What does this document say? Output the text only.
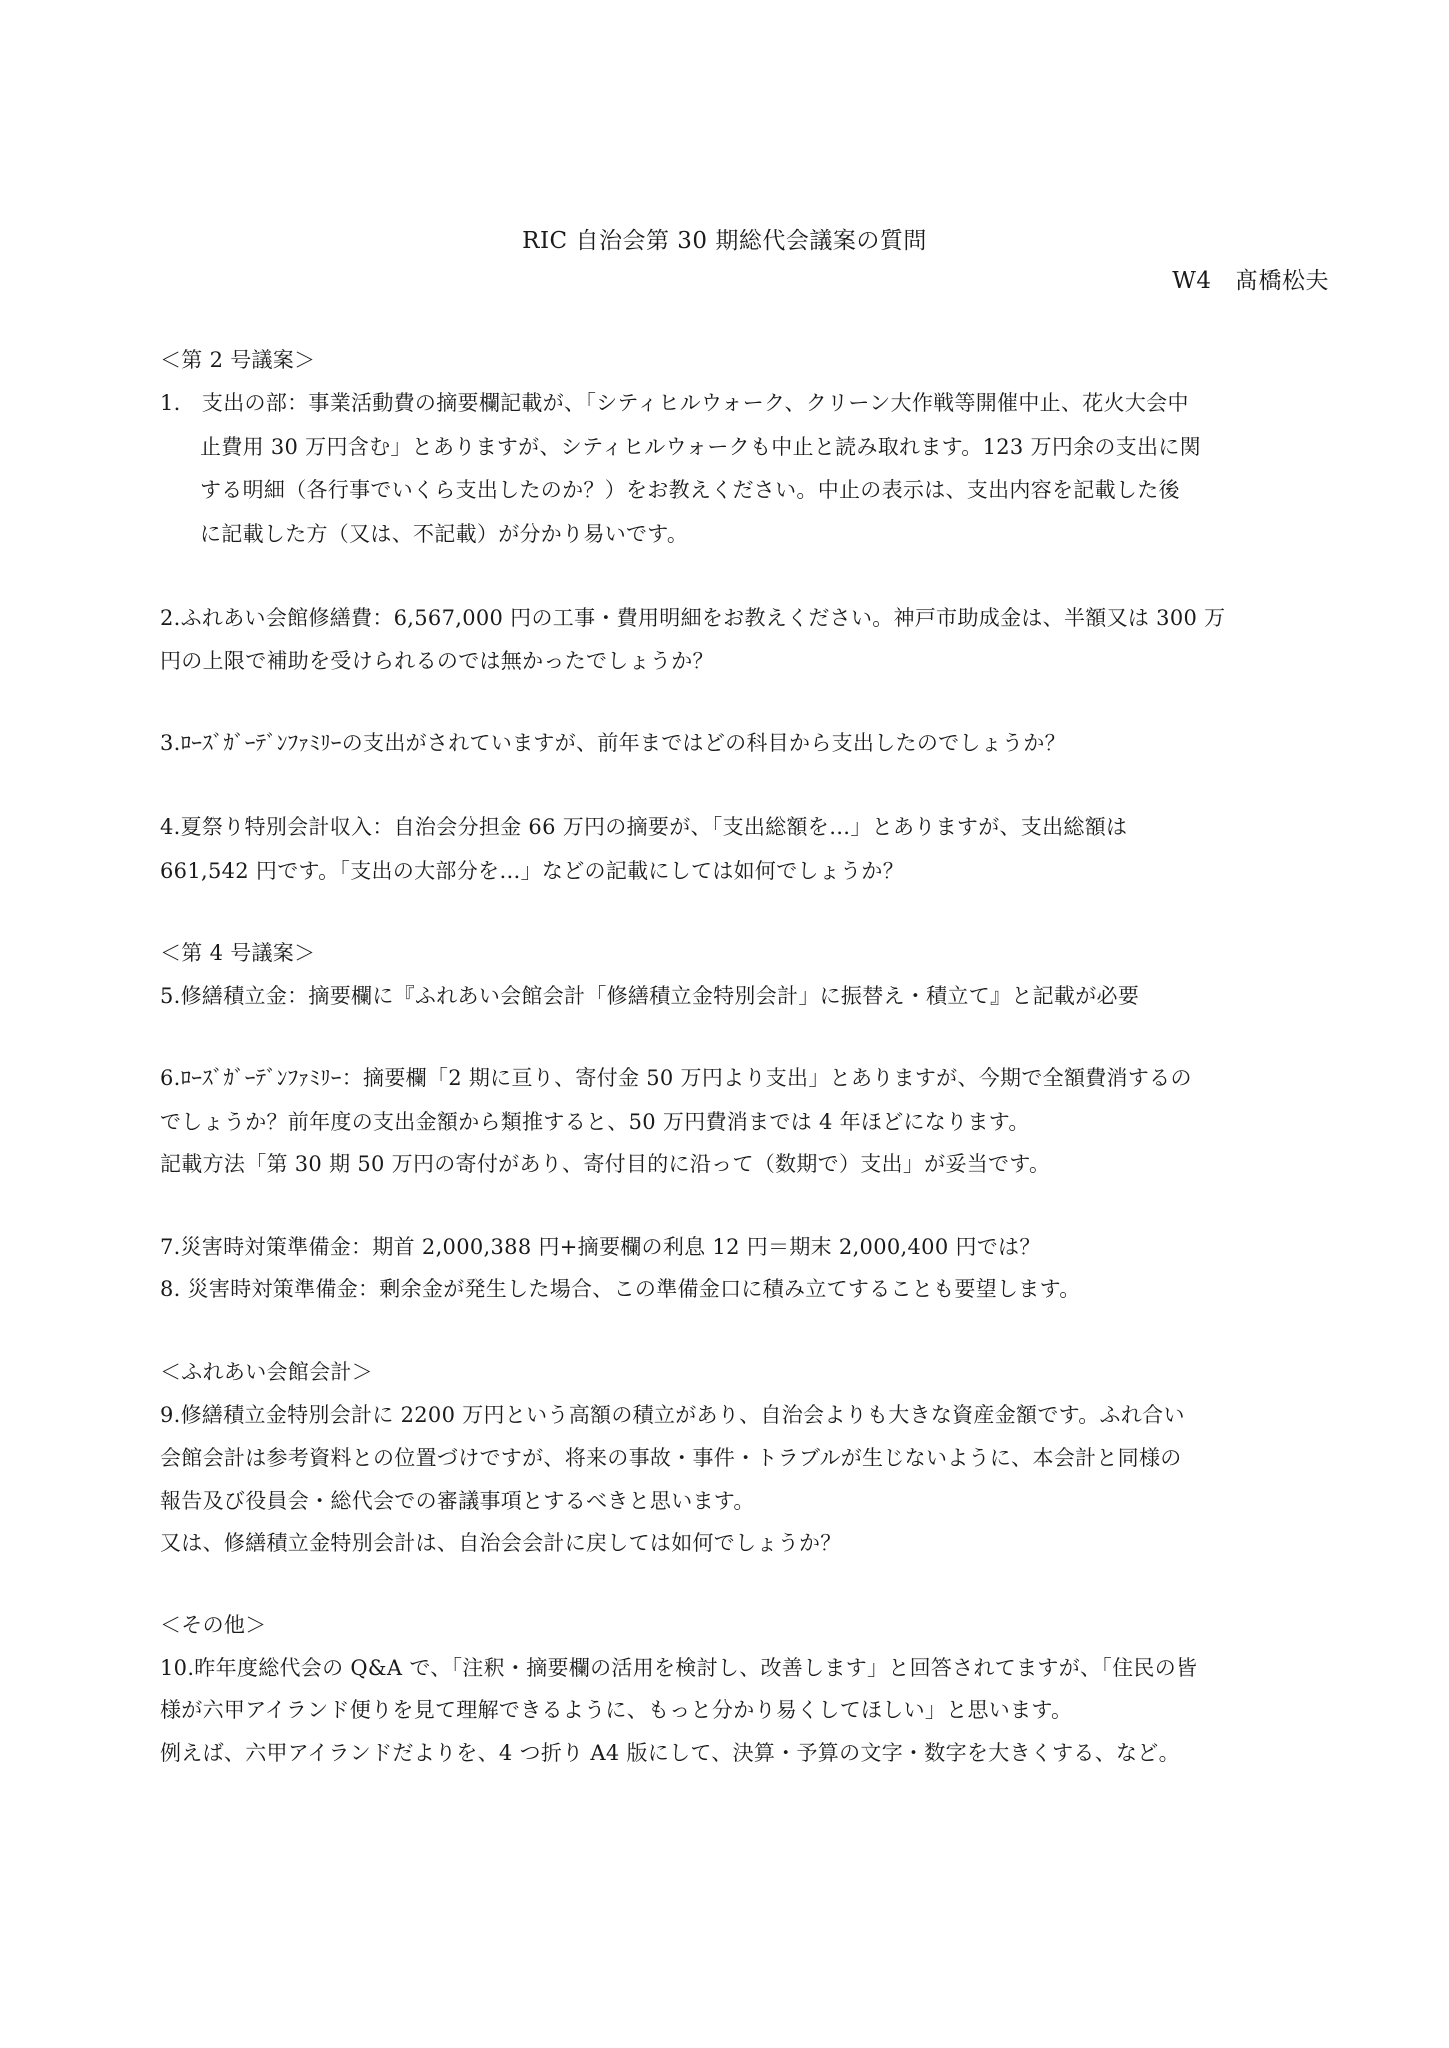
RIC 自治会第 30 期総代会議案の質問
W4　髙橋松夫
＜第 2 号議案＞
1.　支出の部：事業活動費の摘要欄記載が、「シティヒルウォーク、クリーン大作戦等開催中止、花火大会中
止費用 30 万円含む」とありますが、シティヒルウォークも中止と読み取れます。123 万円余の支出に関
する明細（各行事でいくら支出したのか？）をお教えください。中止の表示は、支出内容を記載した後
に記載した方（又は、不記載）が分かり易いです。
2.ふれあい会館修繕費：6,567,000 円の工事・費用明細をお教えください。神戸市助成金は、半額又は 300 万
円の上限で補助を受けられるのでは無かったでしょうか？
3.ﾛｰｽﾞｶﾞｰﾃﾞﾝﾌｧﾐﾘｰの支出がされていますが、前年まではどの科目から支出したのでしょうか？
4.夏祭り特別会計収入：自治会分担金 66 万円の摘要が、「支出総額を…」とありますが、支出総額は
661,542 円です。「支出の大部分を…」などの記載にしては如何でしょうか？
＜第 4 号議案＞
5.修繕積立金：摘要欄に『ふれあい会館会計「修繕積立金特別会計」に振替え・積立て』と記載が必要
6.ﾛｰｽﾞｶﾞｰﾃﾞﾝﾌｧﾐﾘｰ：摘要欄「2 期に亘り、寄付金 50 万円より支出」とありますが、今期で全額費消するの
でしょうか？前年度の支出金額から類推すると、50 万円費消までは 4 年ほどになります。
記載方法「第 30 期 50 万円の寄付があり、寄付目的に沿って（数期で）支出」が妥当です。
7.災害時対策準備金：期首 2,000,388 円+摘要欄の利息 12 円＝期末 2,000,400 円では？
8. 災害時対策準備金：剰余金が発生した場合、この準備金口に積み立てすることも要望します。
＜ふれあい会館会計＞
9.修繕積立金特別会計に 2200 万円という高額の積立があり、自治会よりも大きな資産金額です。ふれ合い
会館会計は参考資料との位置づけですが、将来の事故・事件・トラブルが生じないように、本会計と同様の
報告及び役員会・総代会での審議事項とするべきと思います。
又は、修繕積立金特別会計は、自治会会計に戻しては如何でしょうか？
＜その他＞
10.昨年度総代会の Q&A で、「注釈・摘要欄の活用を検討し、改善します」と回答されてますが、「住民の皆
様が六甲アイランド便りを見て理解できるように、もっと分かり易くしてほしい」と思います。
例えば、六甲アイランドだよりを、4 つ折り A4 版にして、決算・予算の文字・数字を大きくする、など。
